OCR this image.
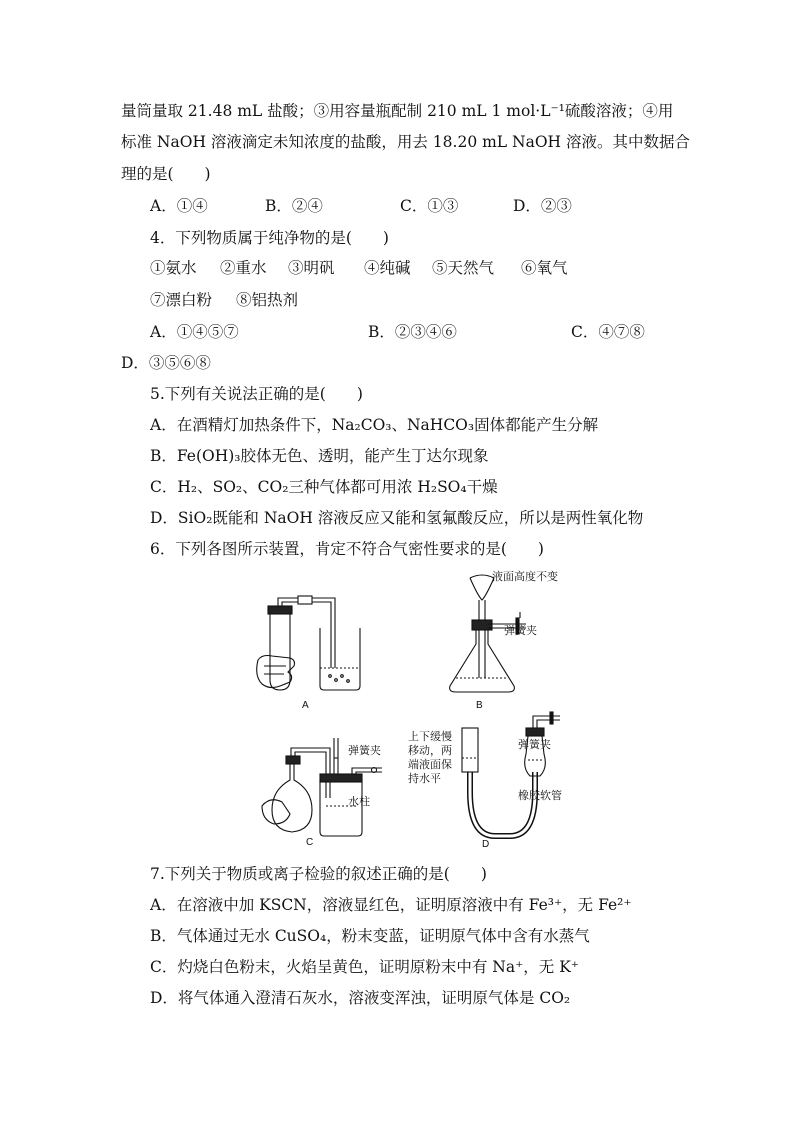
量筒量取 21.48 mL 盐酸；③用容量瓶配制 210 mL 1 mol·L⁻¹硫酸溶液；④用
标准 NaOH 溶液滴定未知浓度的盐酸，用去 18.20 mL NaOH 溶液。其中数据合
理的是(　　)
A．①④	B．②④	C．①③	D．②③
4．下列物质属于纯净物的是(　　)
①氨水 ②重水 ③明矾 ④纯碱 ⑤天然气 ⑥氧气
⑦漂白粉 ⑧铝热剂
A．①④⑤⑦	B．②③④⑥	C．④⑦⑧
D．③⑤⑥⑧
5.下列有关说法正确的是(　　)
A．在酒精灯加热条件下，Na₂CO₃、NaHCO₃固体都能产生分解
B．Fe(OH)₃胶体无色、透明，能产生丁达尔现象
C．H₂、SO₂、CO₂三种气体都可用浓 H₂SO₄干燥
D．SiO₂既能和 NaOH 溶液反应又能和氢氟酸反应，所以是两性氧化物
6．下列各图所示装置，肯定不符合气密性要求的是(　　)
A	B
C	D
液面高度不变
弹簧夹
弹簧夹
水柱
上下缓慢
移动，两
端液面保
持水平
弹簧夹
橡胶软管
7.下列关于物质或离子检验的叙述正确的是(　　)
A．在溶液中加 KSCN，溶液显红色，证明原溶液中有 Fe³⁺，无 Fe²⁺
B．气体通过无水 CuSO₄，粉末变蓝，证明原气体中含有水蒸气
C．灼烧白色粉末，火焰呈黄色，证明原粉末中有 Na⁺，无 K⁺
D．将气体通入澄清石灰水，溶液变浑浊，证明原气体是 CO₂
